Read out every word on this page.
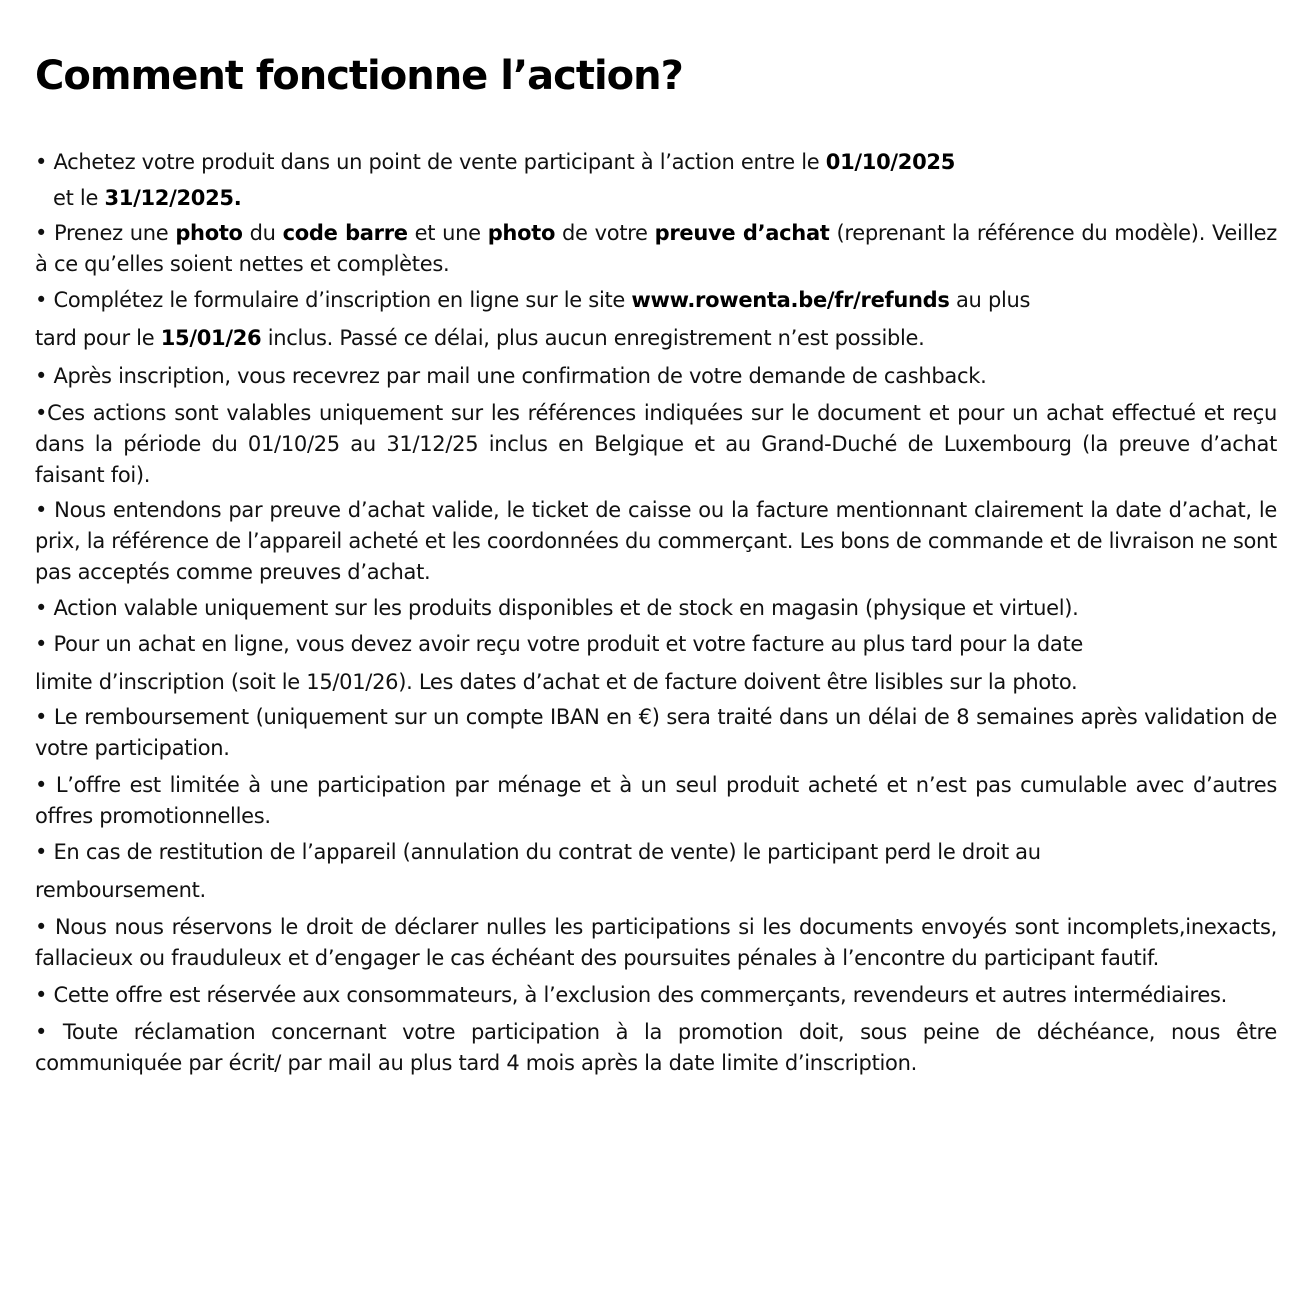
Comment fonctionne l’action?

• Achetez votre produit dans un point de vente participant à l’action entre le 01/10/2025

et le 31/12/2025.

• Prenez une photo du code barre et une photo de votre preuve d’achat (reprenant la référence du modèle). Veillez à ce qu’elles soient nettes et complètes.

• Complétez le formulaire d’inscription en ligne sur le site www.rowenta.be/fr/refunds au plus

tard pour le 15/01/26 inclus. Passé ce délai, plus aucun enregistrement n’est possible.

• Après inscription, vous recevrez par mail une confirmation de votre demande de cashback.

•Ces actions sont valables uniquement sur les références indiquées sur le document et pour un achat effectué et reçu dans la période du 01/10/25 au 31/12/25 inclus en Belgique et au Grand-Duché de Luxembourg (la preuve d’achat faisant foi).

• Nous entendons par preuve d’achat valide, le ticket de caisse ou la facture mentionnant clairement la date d’achat, le prix, la référence de l’appareil acheté et les coordonnées du commerçant. Les bons de commande et de livraison ne sont pas acceptés comme preuves d’achat.

• Action valable uniquement sur les produits disponibles et de stock en magasin (physique et virtuel).

• Pour un achat en ligne, vous devez avoir reçu votre produit et votre facture au plus tard pour la date

limite d’inscription (soit le 15/01/26). Les dates d’achat et de facture doivent être lisibles sur la photo.

• Le remboursement (uniquement sur un compte IBAN en €) sera traité dans un délai de 8 semaines après validation de votre participation.

• L’offre est limitée à une participation par ménage et à un seul produit acheté et n’est pas cumulable avec d’autres offres promotionnelles.

• En cas de restitution de l’appareil (annulation du contrat de vente) le participant perd le droit au

remboursement.

• Nous nous réservons le droit de déclarer nulles les participations si les documents envoyés sont incomplets,inexacts, fallacieux ou frauduleux et d’engager le cas échéant des poursuites pénales à l’encontre du participant fautif.

• Cette offre est réservée aux consommateurs, à l’exclusion des commerçants, revendeurs et autres intermédiaires.

• Toute réclamation concernant votre participation à la promotion doit, sous peine de déchéance, nous être communiquée par écrit/ par mail au plus tard 4 mois après la date limite d’inscription.
